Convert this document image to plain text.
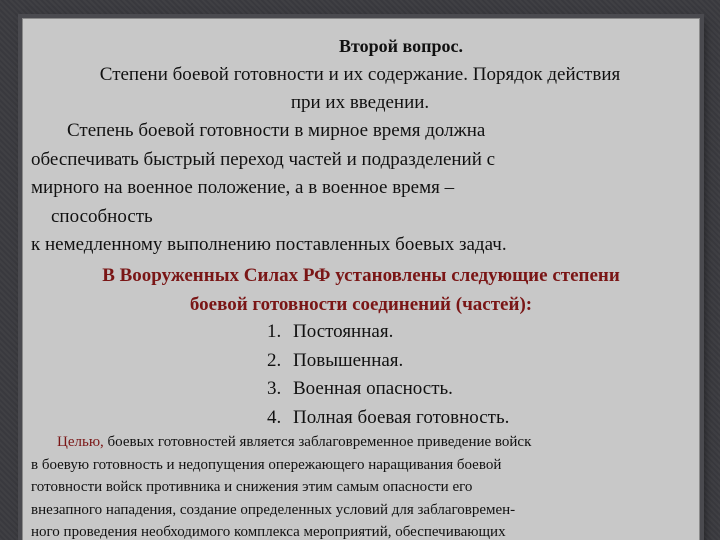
Второй вопрос.
Степени боевой готовности и их содержание. Порядок действия
при их введении.
Степень боевой готовности в мирное время должна
обеспечивать быстрый переход частей и подразделений с
мирного на военное положение, а в военное время –
способность
к немедленному выполнению поставленных боевых задач.
В Вооруженных Силах РФ установлены следующие степени
боевой готовности соединений (частей):
1. Постоянная.
2. Повышенная.
3. Военная опасность.
4. Полная боевая готовность.
Целью, боевых готовностей является заблаговременное приведение войск
в боевую готовность и недопущения опережающего наращивания боевой
готовности войск противника и снижения этим самым опасности его
внезапного нападения, создание определенных условий для заблаговремен-
ного проведения необходимого комплекса мероприятий, обеспечивающих
